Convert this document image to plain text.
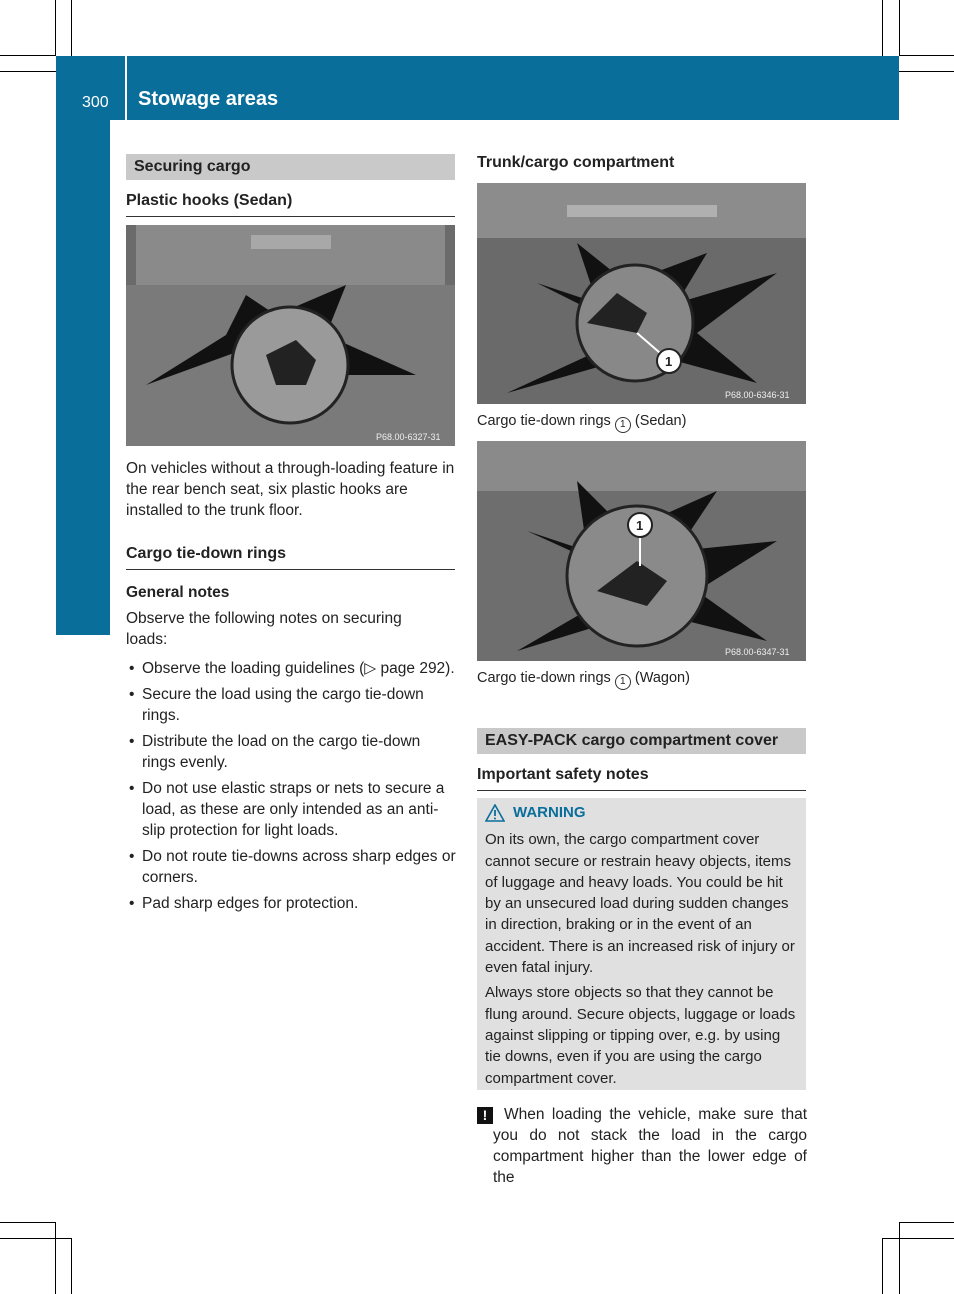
300 Stowage areas
Stowage and features
Securing cargo
Plastic hooks (Sedan)
P68.00-6327-31
On vehicles without a through-loading feature in the rear bench seat, six plastic hooks are installed to the trunk floor.
Cargo tie-down rings
General notes
Observe the following notes on securing loads:
• Observe the loading guidelines (▷ page 292).
• Secure the load using the cargo tie-down rings.
• Distribute the load on the cargo tie-down rings evenly.
• Do not use elastic straps or nets to secure a load, as these are only intended as an anti-slip protection for light loads.
• Do not route tie-downs across sharp edges or corners.
• Pad sharp edges for protection.
Trunk/cargo compartment
1
P68.00-6346-31
Cargo tie-down rings 1 (Sedan)
1
P68.00-6347-31
Cargo tie-down rings 1 (Wagon)
EASY-PACK cargo compartment cover
Important safety notes
WARNING

On its own, the cargo compartment cover cannot secure or restrain heavy objects, items of luggage and heavy loads. You could be hit by an unsecured load during sudden changes in direction, braking or in the event of an accident. There is an increased risk of injury or even fatal injury.

Always store objects so that they cannot be flung around. Secure objects, luggage or loads against slipping or tipping over, e.g. by using tie downs, even if you are using the cargo compartment cover.

!	When loading the vehicle, make sure that you do not stack the load in the cargo compartment higher than the lower edge of the
